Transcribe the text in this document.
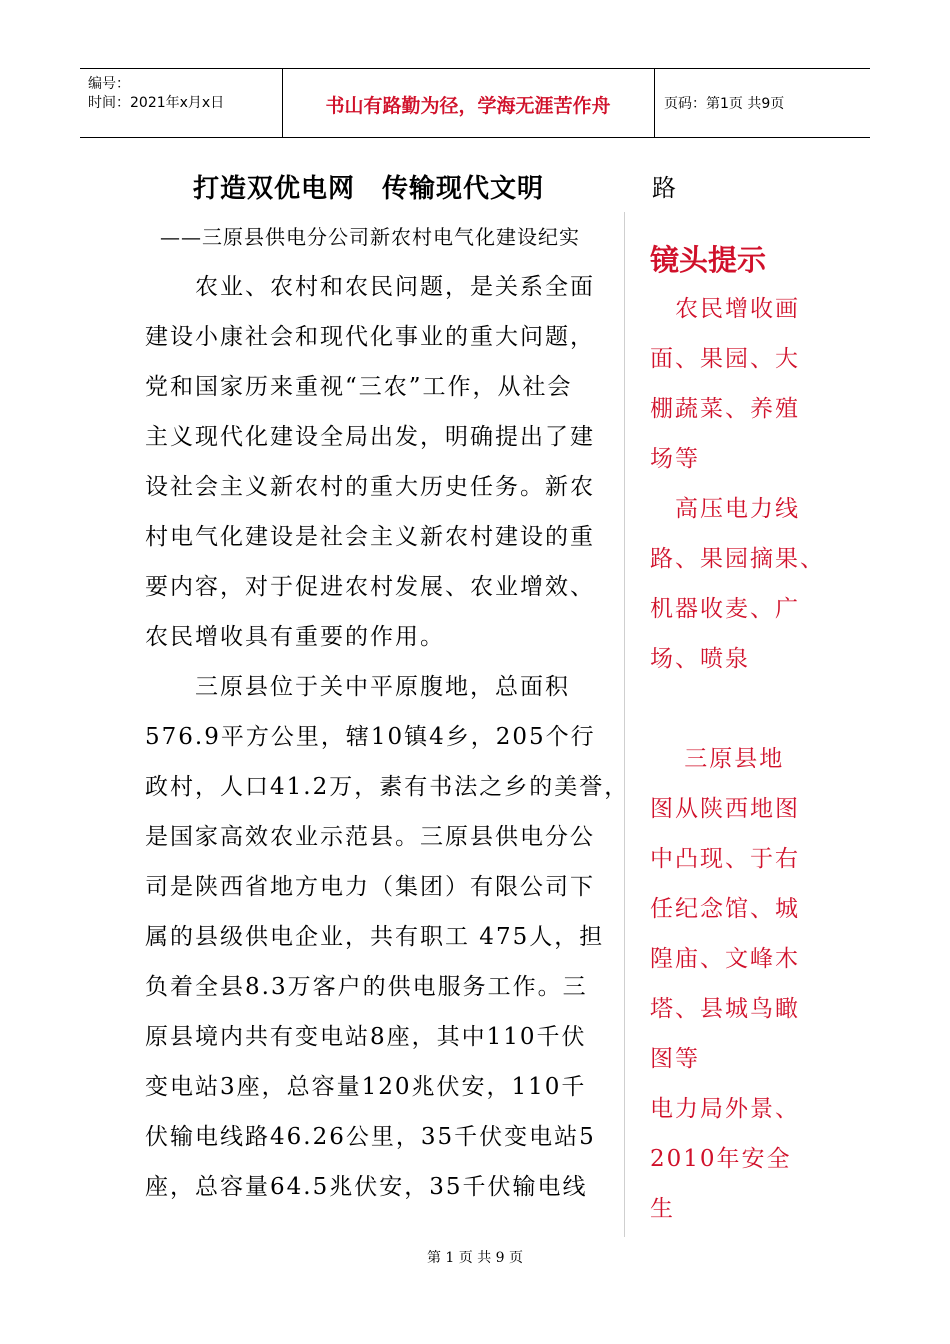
编号：
时间：2021年x月x日	书山有路勤为径，学海无涯苦作舟	页码：第1页 共9页
打造双优电网　传输现代文明	路
——三原县供电分公司新农村电气化建设纪实
　　农业、农村和农民问题，是关系全面
建设小康社会和现代化事业的重大问题，
党和国家历来重视“三农”工作，从社会
主义现代化建设全局出发，明确提出了建
设社会主义新农村的重大历史任务。新农
村电气化建设是社会主义新农村建设的重
要内容，对于促进农村发展、农业增效、
农民增收具有重要的作用。
　　三原县位于关中平原腹地，总面积
576.9平方公里，辖10镇4乡，205个行
政村，人口41.2万，素有书法之乡的美誉，
是国家高效农业示范县。三原县供电分公
司是陕西省地方电力（集团）有限公司下
属的县级供电企业，共有职工 475人，担
负着全县8.3万客户的供电服务工作。三
原县境内共有变电站8座，其中110千伏
变电站3座，总容量120兆伏安，110千
伏输电线路46.26公里，35千伏变电站5
座，总容量64.5兆伏安，35千伏输电线
镜头提示
　农民增收画
面、果园、大
棚蔬菜、养殖
场等
　高压电力线
路、果园摘果、
机器收麦、广
场、喷泉
　 三原县地
图从陕西地图
中凸现、于右
任纪念馆、城
隍庙、文峰木
塔、县城鸟瞰
图等
电力局外景、
2010年安全
生
第 1 页 共 9 页
